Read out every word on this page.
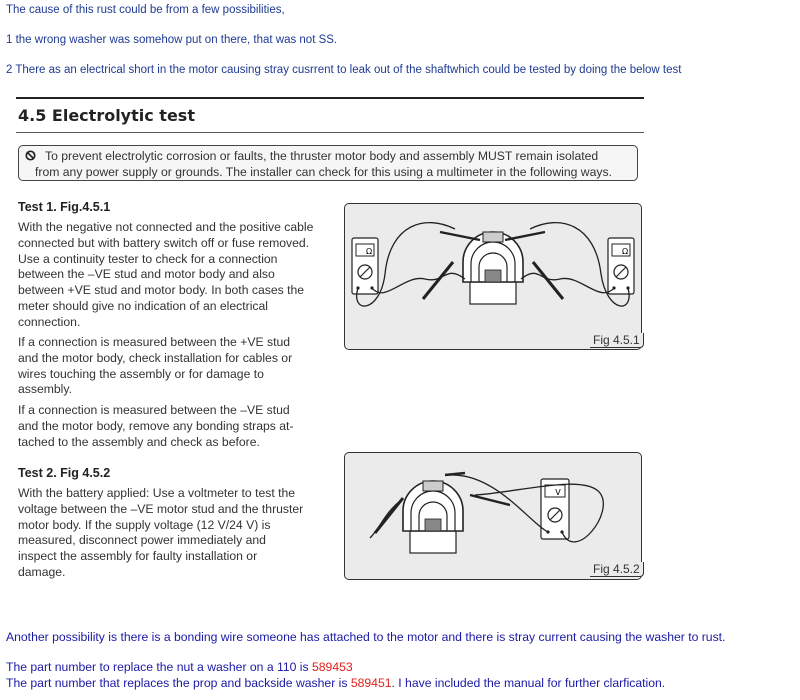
The cause of this rust could be from a few possibilities,
1 the wrong washer was somehow put on there, that was not SS.
2 There as an electrical short in the motor causing stray cusrrent to leak out of the shaftwhich could be tested by doing the below test
4.5 Electrolytic test
To prevent electrolytic corrosion or faults, the thruster motor body and assembly MUST remain isolated
from any power supply or grounds. The installer can check for this using a multimeter in the following ways.
Test 1. Fig.4.5.1
With the negative not connected and the positive cable connected but with battery switch off or fuse removed. Use a continuity tester to check for a connection between the –VE stud and motor body and also between +VE stud and motor body. In both cases the meter should give no indication of an electrical connection.
If a connection is measured between the +VE stud and the motor body, check installation for cables or wires touching the assembly or for damage to assembly.
If a connection is measured between the –VE stud and the motor body, remove any bonding straps at-tached to the assembly and check as before.
Ω	Ω
Fig 4.5.1
Test 2. Fig 4.5.2
With the battery applied: Use a voltmeter to test the voltage between the –VE motor stud and the thruster motor body. If the supply voltage (12 V/24 V) is measured, disconnect power immediately and inspect the assembly for faulty installation or damage.
V
Fig 4.5.2
Another possibility is there is a bonding wire someone has attached to the motor and there is stray current causing the washer to rust.
The part number to replace the nut a washer on a 110 is 589453
The part number that replaces the prop and backside washer is 589451. I have included the manual for further clarfication.
